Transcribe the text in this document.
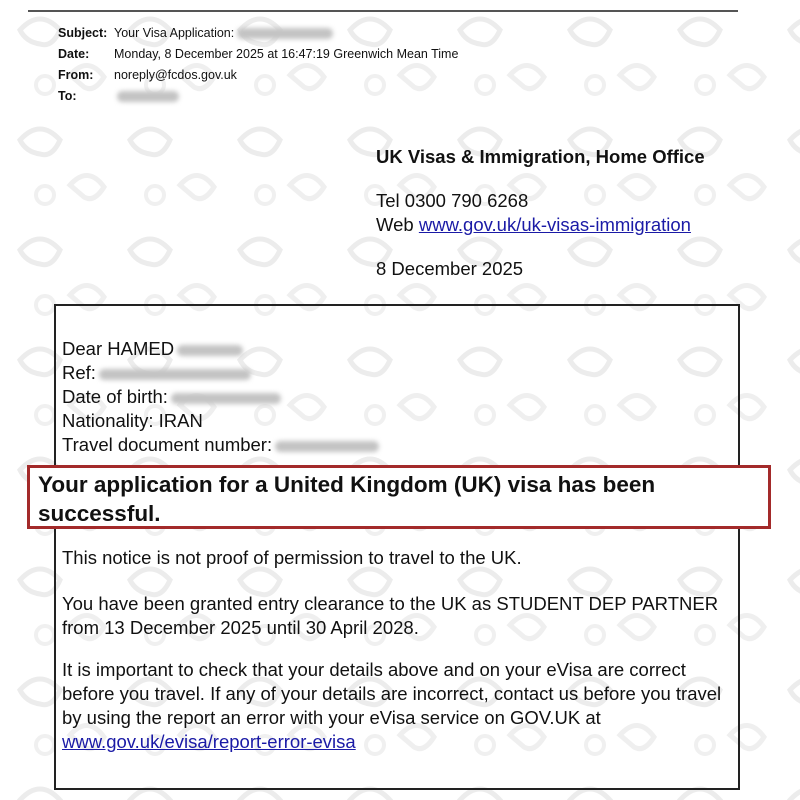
Subject: Your Visa Application:
Date: Monday, 8 December 2025 at 16:47:19 Greenwich Mean Time
From: noreply@fcdos.gov.uk
To:
UK Visas & Immigration, Home Office
Tel 0300 790 6268
Web www.gov.uk/uk-visas-immigration
8 December 2025
Dear HAMED
Ref:
Date of birth:
Nationality: IRAN
Travel document number:
Your application for a United Kingdom (UK) visa has been successful.
This notice is not proof of permission to travel to the UK.
You have been granted entry clearance to the UK as STUDENT DEP PARTNER from 13 December 2025 until 30 April 2028.
It is important to check that your details above and on your eVisa are correct before you travel. If any of your details are incorrect, contact us before you travel by using the report an error with your eVisa service on GOV.UK at www.gov.uk/evisa/report-error-evisa
